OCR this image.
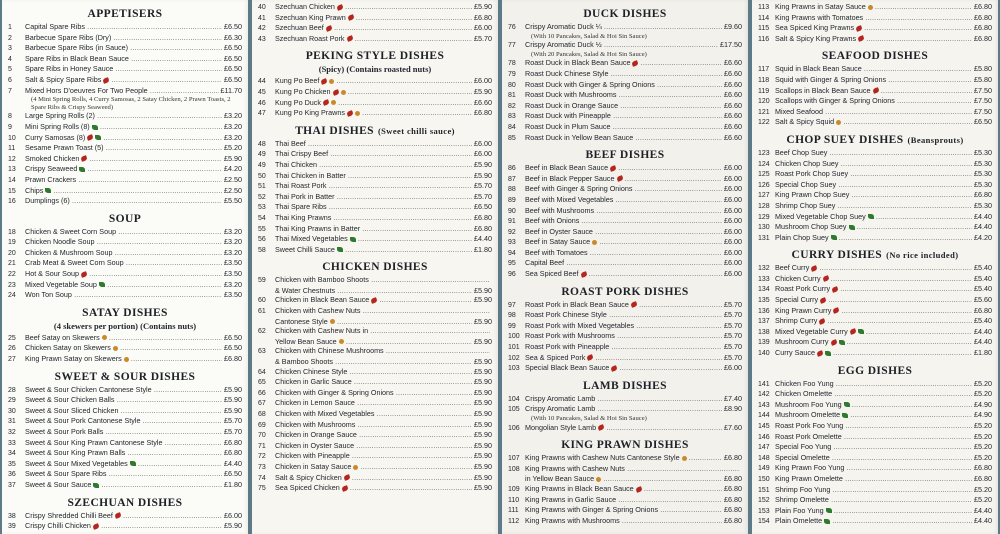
APPETISERS
1	Capital Spare Ribs .....	£6.50
2	Barbecue Spare Ribs (Dry) .....	£6.30
3	Barbecue Spare Ribs (in Sauce) .....	£6.50
4	Spare Ribs in Black Bean Sauce .....	£6.50
5	Spare Ribs in Honey Sauce .....	£6.50
6	Salt & Spicy Spare Ribs .....	£6.50
7	Mixed Hors D'oeuvres For Two People .....	£11.70
(4 Mini Spring Rolls, 4 Curry Samosas, 2 Satay Chicken, 2 Prawn Toasts, 2 Spare Ribs & Crispy Seaweed)
8	Large Spring Rolls (2) .....	£3.20
9	Mini Spring Rolls (8) .....	£3.20
10	Curry Samosas (8) .....	£3.20
11	Sesame Prawn Toast (5) .....	£5.20
12	Smoked Chicken .....	£5.90
13	Crispy Seaweed .....	£4.20
14	Prawn Crackers .....	£2.50
15	Chips .....	£2.50
16	Dumplings (6) .....	£5.50
SOUP
18	Chicken & Sweet Corn Soup .....	£3.20
19	Chicken Noodle Soup .....	£3.20
20	Chicken & Mushroom Soup .....	£3.20
21	Crab Meat & Sweet Corn Soup .....	£3.50
22	Hot & Sour Soup .....	£3.50
23	Mixed Vegetable Soup .....	£3.20
24	Won Ton Soup .....	£3.50
SATAY DISHES
(4 skewers per portion) (Contains nuts)
25	Beef Satay on Skewers .....	£6.50
26	Chicken Satay on Skewers .....	£6.50
27	King Prawn Satay on Skewers .....	£6.80
SWEET & SOUR DISHES
28	Sweet & Sour Chicken Cantonese Style .....	£5.90
29	Sweet & Sour Chicken Balls .....	£5.90
30	Sweet & Sour Sliced Chicken .....	£5.90
31	Sweet & Sour Pork Cantonese Style .....	£5.70
32	Sweet & Sour Pork Balls .....	£5.70
33	Sweet & Sour King Prawn Cantonese Style .....	£6.80
34	Sweet & Sour King Prawn Balls .....	£6.80
35	Sweet & Sour Mixed Vegetables .....	£4.40
36	Sweet & Sour Spare Ribs .....	£6.50
37	Sweet & Sour Sauce .....	£1.80
SZECHUAN DISHES
38	Crispy Shredded Chilli Beef .....	£6.00
39	Crispy Chilli Chicken .....	£5.90
40	Szechuan Chicken .....	£5.90
41	Szechuan King Prawn .....	£6.80
42	Szechuan Beef .....	£6.00
43	Szechuan Roast Pork .....	£5.70
PEKING STYLE DISHES
(Spicy) (Contains roasted nuts)
44	Kung Po Beef .....	£6.00
45	Kung Po Chicken .....	£5.90
46	Kung Po Duck .....	£6.60
47	Kung Po King Prawns .....	£6.80
THAI DISHES (Sweet chilli sauce)
48	Thai Beef .....	£6.00
49	Thai Crispy Beef .....	£6.00
49	Thai Chicken .....	£5.90
50	Thai Chicken in Batter .....	£5.90
51	Thai Roast Pork .....	£5.70
52	Thai Pork in Batter .....	£5.70
53	Thai Spare Ribs .....	£6.50
54	Thai King Prawns .....	£6.80
55	Thai King Prawns in Batter .....	£6.80
56	Thai Mixed Vegetables .....	£4.40
58	Sweet Chilli Sauce .....	£1.80
CHICKEN DISHES
59	Chicken with Bamboo Shoots .....
& Water Chestnuts .....	£5.90
60	Chicken in Black Bean Sauce .....	£5.90
61	Chicken with Cashew Nuts .....
Cantonese Style .....	£5.90
62	Chicken with Cashew Nuts in .....
Yellow Bean Sauce .....	£5.90
63	Chicken with Chinese Mushrooms .....
& Bamboo Shoots .....	£5.90
64	Chicken Chinese Style .....	£5.90
65	Chicken in Garlic Sauce .....	£5.90
66	Chicken with Ginger & Spring Onions .....	£5.90
67	Chicken in Lemon Sauce .....	£5.90
68	Chicken with Mixed Vegetables .....	£5.90
69	Chicken with Mushrooms .....	£5.90
70	Chicken in Orange Sauce .....	£5.90
71	Chicken in Oyster Sauce .....	£5.90
72	Chicken with Pineapple .....	£5.90
73	Chicken in Satay Sauce .....	£5.90
74	Salt & Spicy Chicken .....	£5.90
75	Sea Spiced Chicken .....	£5.90
DUCK DISHES
76	Crispy Aromatic Duck ¼ .....	£9.60
(With 10 Pancakes, Salad & Hoi Sin Sauce)
77	Crispy Aromatic Duck ½ .....	£17.50
(With 20 Pancakes, Salad & Hoi Sin Sauce)
78	Roast Duck in Black Bean Sauce .....	£6.60
79	Roast Duck Chinese Style .....	£6.60
80	Roast Duck with Ginger & Spring Onions .....	£6.60
81	Roast Duck with Mushrooms .....	£6.60
82	Roast Duck in Orange Sauce .....	£6.60
83	Roast Duck with Pineapple .....	£6.60
84	Roast Duck in Plum Sauce .....	£6.60
85	Roast Duck in Yellow Bean Sauce .....	£6.60
BEEF DISHES
86	Beef in Black Bean Sauce .....	£6.00
87	Beef in Black Pepper Sauce .....	£6.00
88	Beef with Ginger & Spring Onions .....	£6.00
89	Beef with Mixed Vegetables .....	£6.00
90	Beef with Mushrooms .....	£6.00
91	Beef with Onions .....	£6.00
92	Beef in Oyster Sauce .....	£6.00
93	Beef in Satay Sauce .....	£6.00
94	Beef with Tomatoes .....	£6.00
95	Capital Beef .....	£6.00
96	Sea Spiced Beef .....	£6.00
ROAST PORK DISHES
97	Roast Pork in Black Bean Sauce .....	£5.70
98	Roast Pork Chinese Style .....	£5.70
99	Roast Pork with Mixed Vegetables .....	£5.70
100 Roast Pork with Mushrooms .....	£5.70
101 Roast Pork with Pineapple .....	£5.70
102 Sea & Spiced Pork .....	£5.70
103 Special Black Bean Sauce .....	£6.00
LAMB DISHES
104 Crispy Aromatic Lamb .....	£7.40
105 Crispy Aromatic Lamb .....	£8.90
(With 10 Pancakes, Salad & Hoi Sin Sauce)
106 Mongolian Style Lamb .....	£7.60
KING PRAWN DISHES
107 King Prawns with Cashew Nuts Cantonese Style .....	£6.80
108 King Prawns with Cashew Nuts .....
in Yellow Bean Sauce .....	£6.80
109 King Prawns in Black Bean Sauce .....	£6.80
110 King Prawns in Garlic Sauce .....	£6.80
111 King Prawns with Ginger & Spring Onions .....	£6.80
112 King Prawns with Mushrooms .....	£6.80
113 King Prawns in Satay Sauce .....	£6.80
114 King Prawns with Tomatoes .....	£6.80
115 Sea Spiced King Prawns .....	£6.80
116 Salt & Spicy King Prawns .....	£6.80
SEAFOOD DISHES
117 Squid in Black Bean Sauce .....	£5.80
118 Squid with Ginger & Spring Onions .....	£5.80
119 Scallops in Black Bean Sauce .....	£7.50
120 Scallops with Ginger & Spring Onions .....	£7.50
121 Mixed Seafood .....	£7.50
122 Salt & Spicy Squid .....	£6.50
CHOP SUEY DISHES (Beansprouts)
123 Beef Chop Suey .....	£5.30
124 Chicken Chop Suey .....	£5.30
125 Roast Pork Chop Suey .....	£5.30
126 Special Chop Suey .....	£5.30
127 King Prawn Chop Suey .....	£6.80
128 Shrimp Chop Suey .....	£5.30
129 Mixed Vegetable Chop Suey .....	£4.40
130 Mushroom Chop Suey .....	£4.40
131 Plain Chop Suey .....	£4.20
CURRY DISHES (No rice included)
132 Beef Curry .....	£5.40
133 Chicken Curry .....	£5.40
134 Roast Pork Curry .....	£5.40
135 Special Curry .....	£5.60
136 King Prawn Curry .....	£6.80
137 Shrimp Curry .....	£5.40
138 Mixed Vegetable Curry .....	£4.40
139 Mushroom Curry .....	£4.40
140 Curry Sauce .....	£1.80
EGG DISHES
141 Chicken Foo Yung .....	£5.20
142 Chicken Omelette .....	£5.20
143 Mushroom Foo Yung .....	£4.90
144 Mushroom Omelette .....	£4.90
145 Roast Pork Foo Yung .....	£5.20
146 Roast Pork Omelette .....	£5.20
147 Special Foo Yung .....	£5.20
148 Special Omelette .....	£5.20
149 King Prawn Foo Yung .....	£6.80
150 King Prawn Omelette .....	£6.80
151 Shrimp Foo Yung .....	£5.20
152 Shrimp Omelette .....	£5.20
153 Plain Foo Yung .....	£4.40
154 Plain Omelette .....	£4.40
